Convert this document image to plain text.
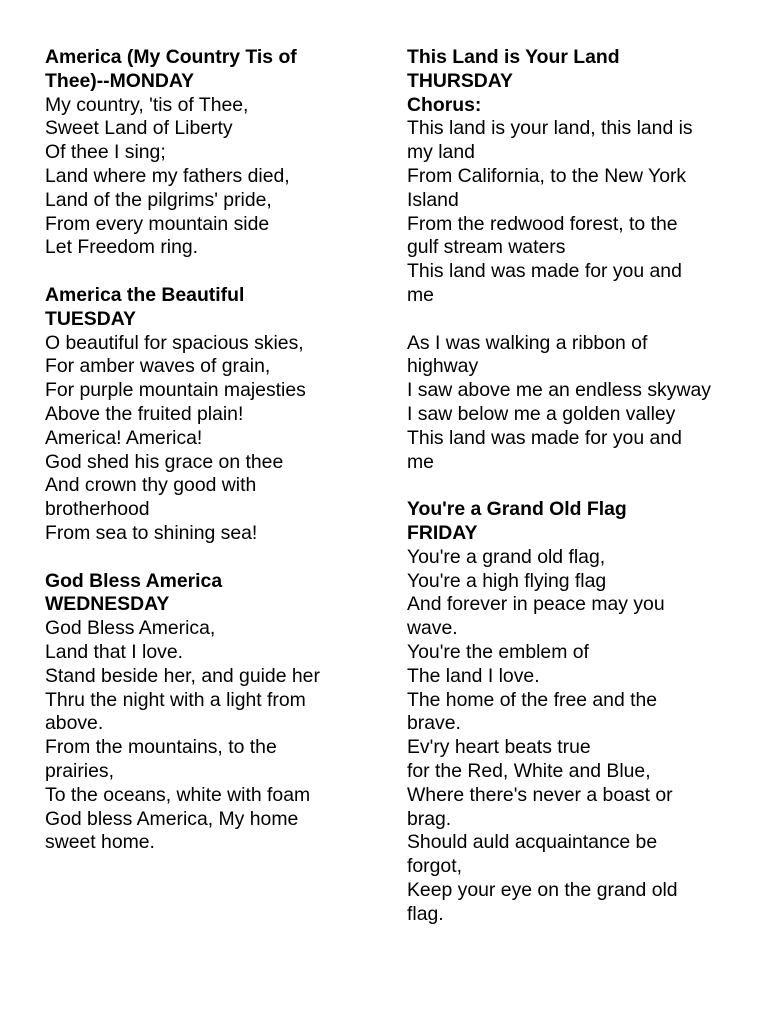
America (My Country Tis of
Thee)--MONDAY
My country, 'tis of Thee,
Sweet Land of Liberty
Of thee I sing;
Land where my fathers died,
Land of the pilgrims' pride,
From every mountain side
Let Freedom ring.
America the Beautiful
TUESDAY
O beautiful for spacious skies,
For amber waves of grain,
For purple mountain majesties
Above the fruited plain!
America! America!
God shed his grace on thee
And crown thy good with
brotherhood
From sea to shining sea!
God Bless America
WEDNESDAY
God Bless America,
Land that I love.
Stand beside her, and guide her
Thru the night with a light from
above.
From the mountains, to the
prairies,
To the oceans, white with foam
God bless America, My home
sweet home.
This Land is Your Land
THURSDAY
Chorus:
This land is your land, this land is
my land
From California, to the New York
Island
From the redwood forest, to the
gulf stream waters
This land was made for you and
me
As I was walking a ribbon of
highway
I saw above me an endless skyway
I saw below me a golden valley
This land was made for you and
me
You're a Grand Old Flag
FRIDAY
You're a grand old flag,
You're a high flying flag
And forever in peace may you
wave.
You're the emblem of
The land I love.
The home of the free and the
brave.
Ev'ry heart beats true
for the Red, White and Blue,
Where there's never a boast or
brag.
Should auld acquaintance be
forgot,
Keep your eye on the grand old
flag.
